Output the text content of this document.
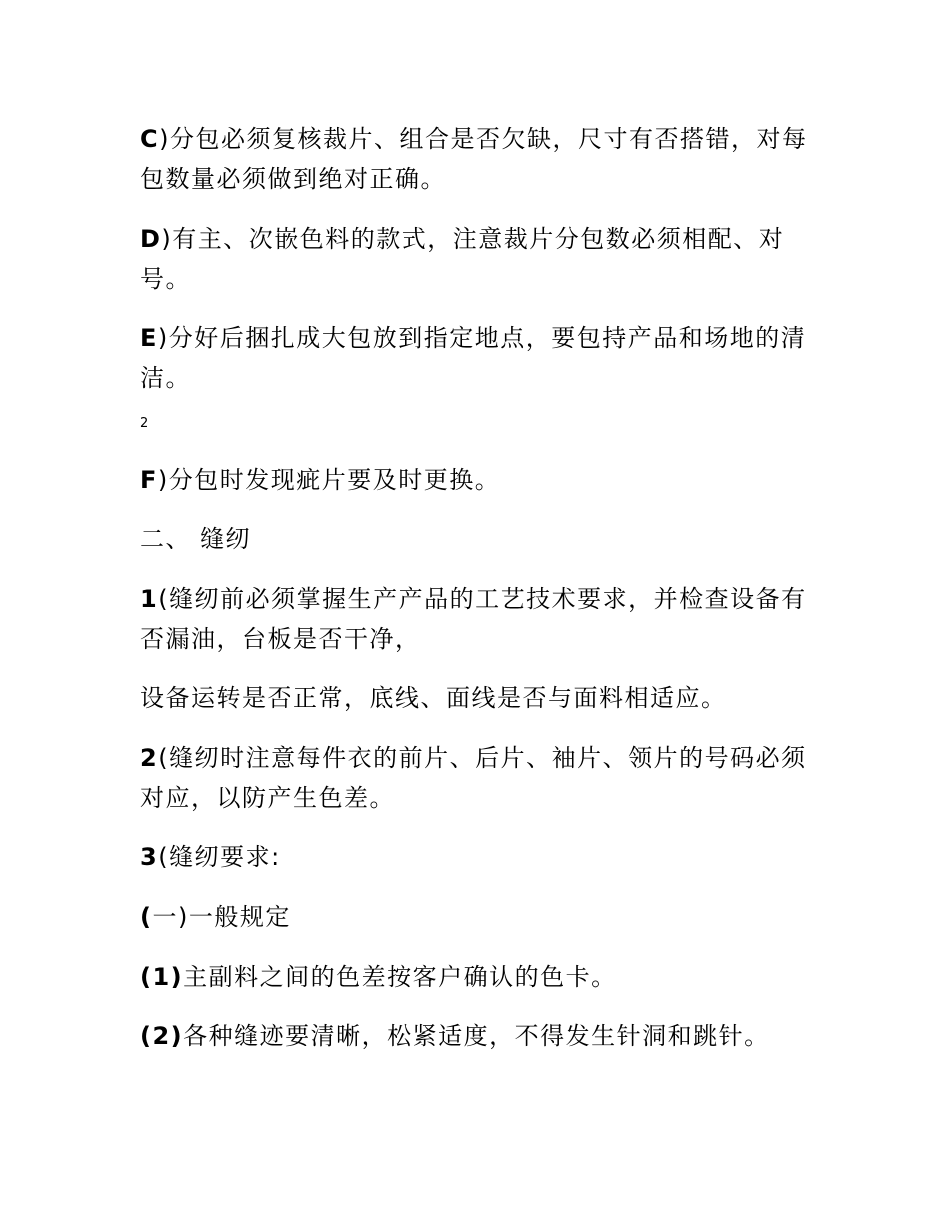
C)分包必须复核裁片、组合是否欠缺，尺寸有否搭错，对每包数量必须做到绝对正确。

D)有主、次嵌色料的款式，注意裁片分包数必须相配、对号。

E)分好后捆扎成大包放到指定地点，要包持产品和场地的清洁。

2

F)分包时发现疵片要及时更换。

二、 缝纫

1(缝纫前必须掌握生产产品的工艺技术要求，并检查设备有否漏油，台板是否干净，

设备运转是否正常，底线、面线是否与面料相适应。

2(缝纫时注意每件衣的前片、后片、袖片、领片的号码必须对应，以防产生色差。

3(缝纫要求:

(一)一般规定

(1)主副料之间的色差按客户确认的色卡。

(2)各种缝迹要清晰，松紧适度，不得发生针洞和跳针。
